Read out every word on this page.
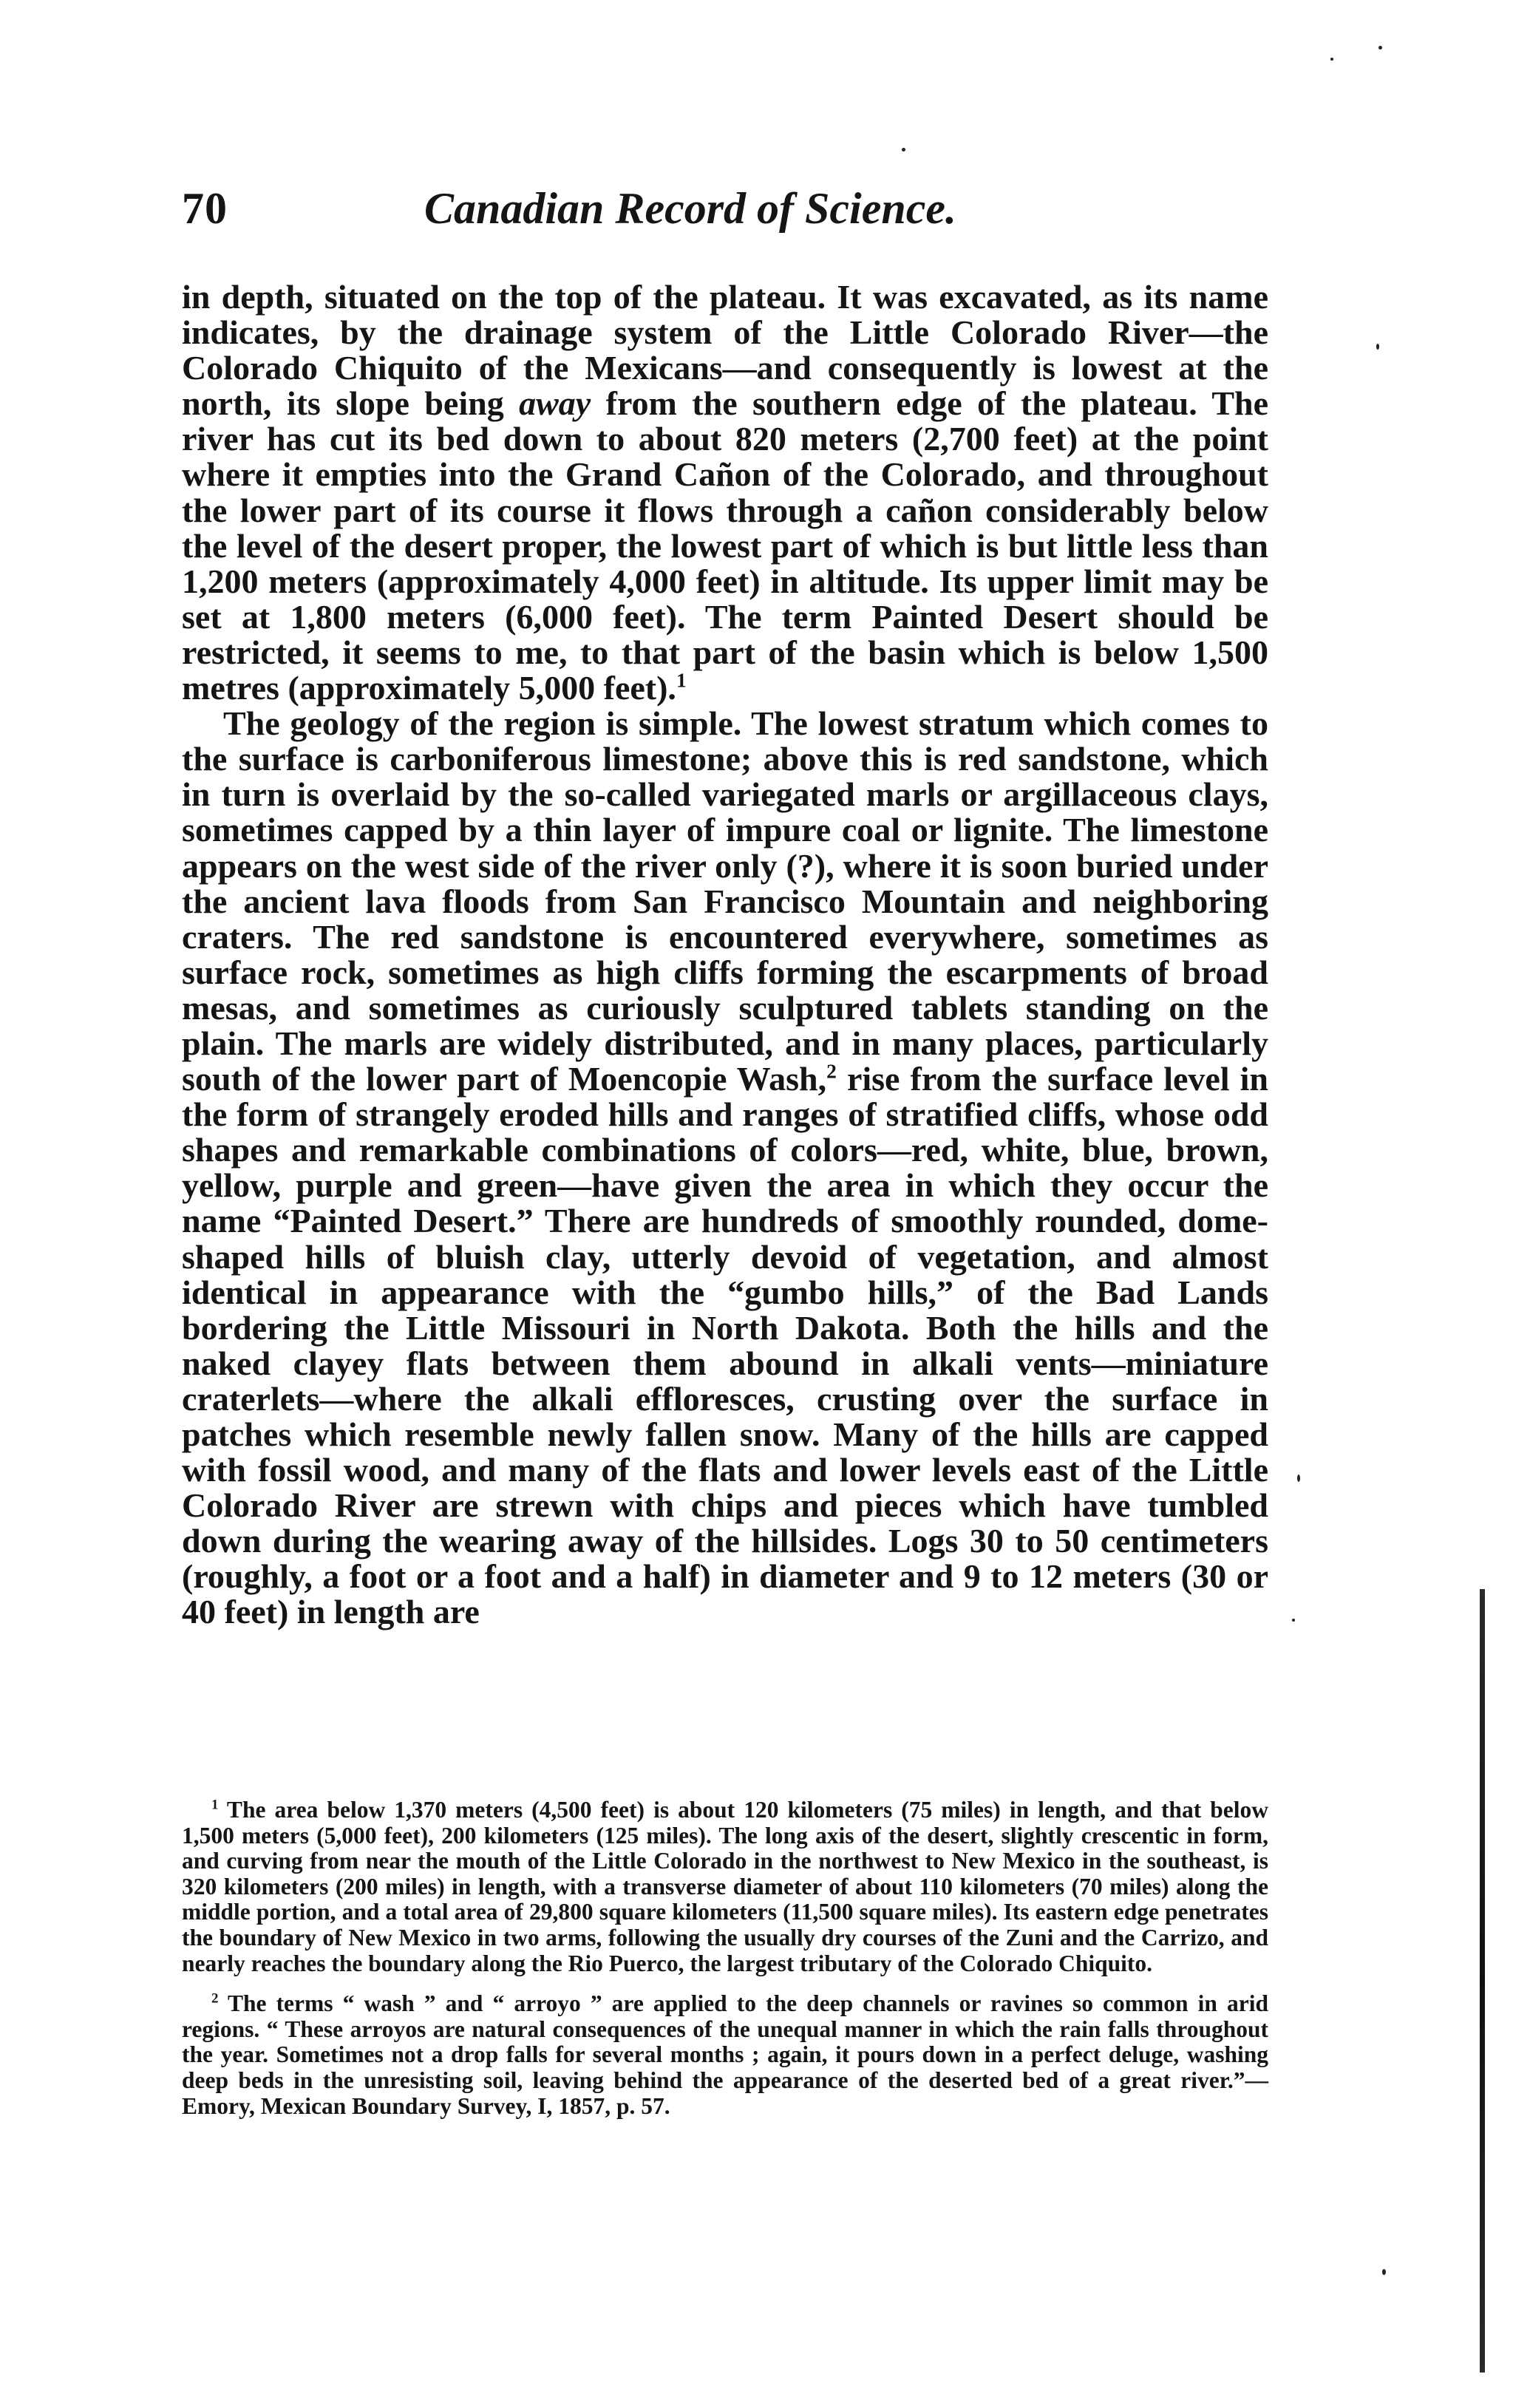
70	Canadian Record of Science.

in depth, situated on the top of the plateau. It was excavated, as its name indicates, by the drainage system of the Little Colorado River—the Colorado Chiquito of the Mexicans—and consequently is lowest at the north, its slope being away from the southern edge of the plateau. The river has cut its bed down to about 820 meters (2,700 feet) at the point where it empties into the Grand Cañon of the Colorado, and throughout the lower part of its course it flows through a cañon considerably below the level of the desert proper, the lowest part of which is but little less than 1,200 meters (approximately 4,000 feet) in altitude. Its upper limit may be set at 1,800 meters (6,000 feet). The term Painted Desert should be restricted, it seems to me, to that part of the basin which is below 1,500 metres (approximately 5,000 feet).$^1$

The geology of the region is simple. The lowest stratum which comes to the surface is carboniferous limestone; above this is red sandstone, which in turn is overlaid by the so-called variegated marls or argillaceous clays, sometimes capped by a thin layer of impure coal or lignite. The limestone appears on the west side of the river only (?), where it is soon buried under the ancient lava floods from San Francisco Mountain and neighboring craters. The red sandstone is encountered everywhere, sometimes as surface rock, sometimes as high cliffs forming the escarpments of broad mesas, and sometimes as curiously sculptured tablets standing on the plain. The marls are widely distributed, and in many places, particularly south of the lower part of Moencopie Wash,$^2$ rise from the surface level in the form of strangely eroded hills and ranges of stratified cliffs, whose odd shapes and remarkable combinations of colors—red, white, blue, brown, yellow, purple and green—have given the area in which they occur the name “Painted Desert.” There are hundreds of smoothly rounded, dome-shaped hills of bluish clay, utterly devoid of vegetation, and almost identical in appearance with the “gumbo hills,” of the Bad Lands bordering the Little Missouri in North Dakota. Both the hills and the naked clayey flats between them abound in alkali vents—miniature craterlets—where the alkali effloresces, crusting over the surface in patches which resemble newly fallen snow. Many of the hills are capped with fossil wood, and many of the flats and lower levels east of the Little Colorado River are strewn with chips and pieces which have tumbled down during the wearing away of the hillsides. Logs 30 to 50 centimeters (roughly, a foot or a foot and a half) in diameter and 9 to 12 meters (30 or 40 feet) in length are

$^1$ The area below 1,370 meters (4,500 feet) is about 120 kilometers (75 miles) in length, and that below 1,500 meters (5,000 feet), 200 kilometers (125 miles). The long axis of the desert, slightly crescentic in form, and curving from near the mouth of the Little Colorado in the northwest to New Mexico in the southeast, is 320 kilometers (200 miles) in length, with a transverse diameter of about 110 kilometers (70 miles) along the middle portion, and a total area of 29,800 square kilometers (11,500 square miles). Its eastern edge penetrates the boundary of New Mexico in two arms, following the usually dry courses of the Zuni and the Carrizo, and nearly reaches the boundary along the Rio Puerco, the largest tributary of the Colorado Chiquito.

$^2$ The terms “ wash ” and “ arroyo ” are applied to the deep channels or ravines so common in arid regions. “ These arroyos are natural consequences of the unequal manner in which the rain falls throughout the year. Sometimes not a drop falls for several months ; again, it pours down in a perfect deluge, washing deep beds in the unresisting soil, leaving behind the appearance of the deserted bed of a great river.”—Emory, Mexican Boundary Survey, I, 1857, p. 57.
